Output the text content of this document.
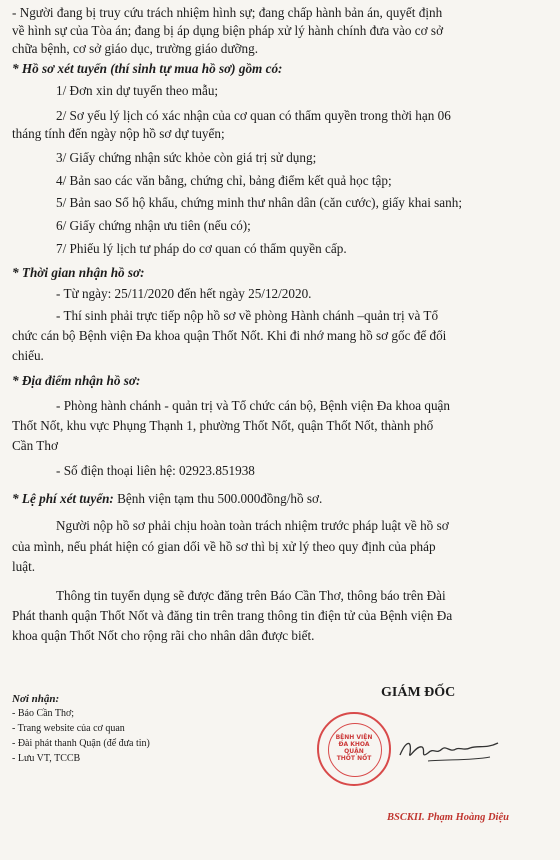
- Người đang bị truy cứu trách nhiệm hình sự; đang chấp hành bản án, quyết định
về hình sự của Tòa án; đang bị áp dụng biện pháp xử lý hành chính đưa vào cơ sở
chữa bệnh, cơ sở giáo dục, trường giáo dưỡng.
* Hồ sơ xét tuyển (thí sinh tự mua hồ sơ) gồm có:
1/ Đơn xin dự tuyển theo mẫu;
2/ Sơ yếu lý lịch có xác nhận của cơ quan có thẩm quyền trong thời hạn 06
tháng tính đến ngày nộp hồ sơ dự tuyển;
3/ Giấy chứng nhận sức khỏe còn giá trị sử dụng;
4/ Bản sao các văn bằng, chứng chỉ, bảng điểm kết quả học tập;
5/ Bản sao Sổ hộ khẩu, chứng minh thư nhân dân (căn cước), giấy khai sanh;
6/ Giấy chứng nhận ưu tiên (nếu có);
7/ Phiếu lý lịch tư pháp do cơ quan có thẩm quyền cấp.
* Thời gian nhận hồ sơ:
- Từ ngày: 25/11/2020 đến hết ngày 25/12/2020.
- Thí sinh phải trực tiếp nộp hồ sơ về phòng Hành chánh –quản trị và Tổ
chức cán bộ Bệnh viện Đa khoa quận Thốt Nốt. Khi đi nhớ mang hồ sơ gốc để đối
chiếu.
* Địa điểm nhận hồ sơ:
- Phòng hành chánh - quản trị và Tổ chức cán bộ, Bệnh viện Đa khoa quận
Thốt Nốt, khu vực Phụng Thạnh 1, phường Thốt Nốt, quận Thốt Nốt, thành phố
Cần Thơ
- Số điện thoại liên hệ: 02923.851938
* Lệ phí xét tuyển: Bệnh viện tạm thu 500.000đồng/hồ sơ.
Người nộp hồ sơ phải chịu hoàn toàn trách nhiệm trước pháp luật về hồ sơ
của mình, nếu phát hiện có gian dối về hồ sơ thì bị xử lý theo quy định của pháp
luật.
Thông tin tuyển dụng sẽ được đăng trên Báo Cần Thơ, thông báo trên Đài
Phát thanh quận Thốt Nốt và đăng tin trên trang thông tin điện tử của Bệnh viện Đa
khoa quận Thốt Nốt cho rộng rãi cho nhân dân được biết.
Nơi nhận:
- Báo Cần Thơ;
- Trang website của cơ quan
- Đài phát thanh Quận (để đưa tin)
- Lưu VT, TCCB
GIÁM ĐỐC
BỆNH VIỆN
ĐA KHOA
QUẬN
THỐT NỐT
BSCKII. Phạm Hoàng Diệu
